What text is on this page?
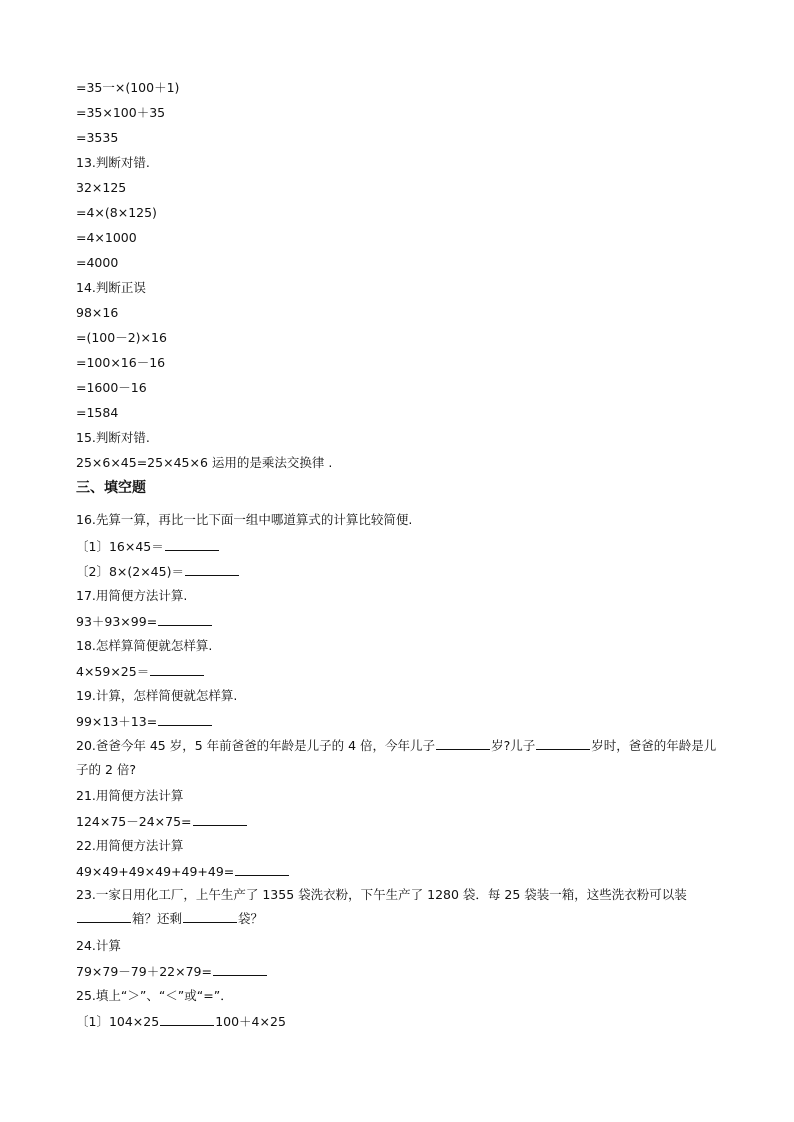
=35一×(100＋1)
=35×100＋35
=3535
13.判断对错.
32×125
=4×(8×125)
=4×1000
=4000
14.判断正误
98×16
=(100－2)×16
=100×16－16
=1600－16
=1584
15.判断对错.
25×6×45=25×45×6 运用的是乘法交换律 .
三、填空题
16.先算一算，再比一比下面一组中哪道算式的计算比较简便.
〔1〕16×45＝
〔2〕8×(2×45)＝
17.用简便方法计算.
93＋93×99=
18.怎样算简便就怎样算.
4×59×25＝
19.计算，怎样简便就怎样算.
99×13＋13=
20.爸爸今年 45 岁，5 年前爸爸的年龄是儿子的 4 倍，今年儿子	岁?儿子	岁时，爸爸的年龄是儿子的 2 倍?
21.用简便方法计算
124×75－24×75=
22.用简便方法计算
49×49+49×49+49+49=
23.一家日用化工厂，上午生产了 1355 袋洗衣粉，下午生产了 1280 袋．每 25 袋装一箱，这些洗衣粉可以装箱？还剩	袋？
24.计算
79×79－79＋22×79=
25.填上“＞”、“＜”或“=”．
〔1〕104×25	100＋4×25
